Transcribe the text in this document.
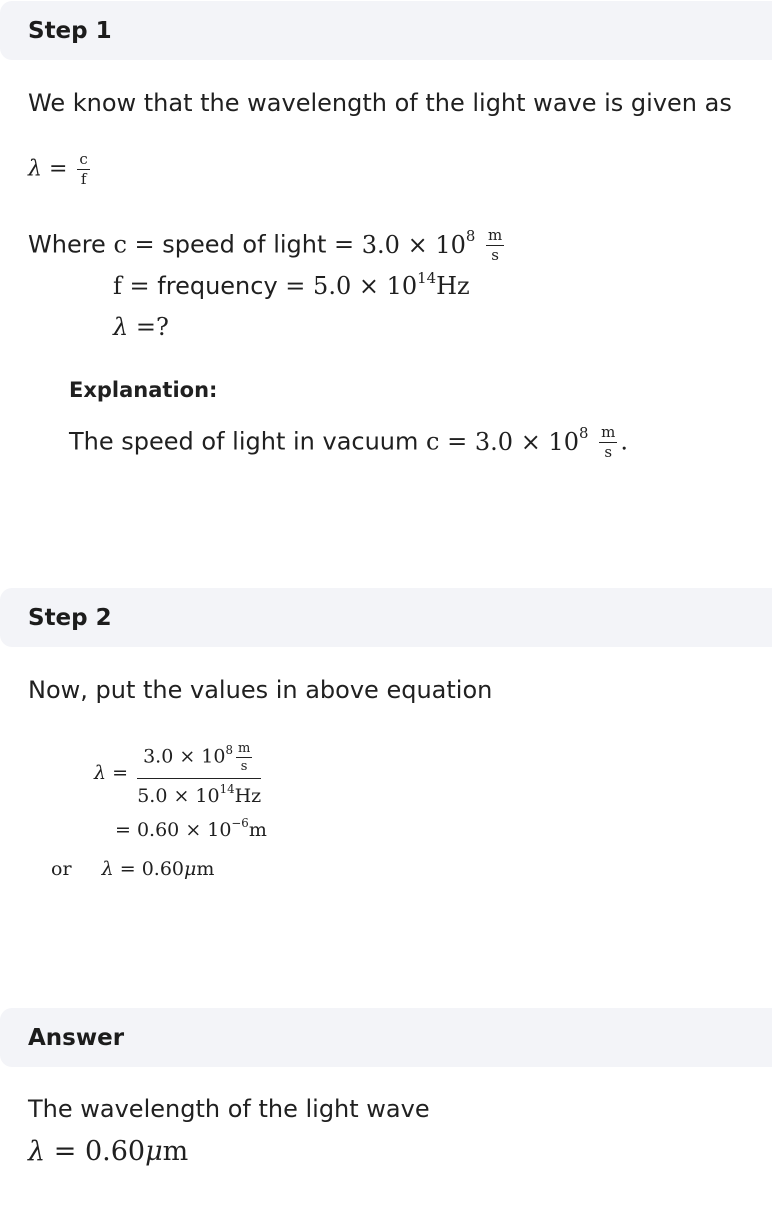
Step 1
We know that the wavelength of the light wave is given as
$\lambda = \frac{c}{f}$
Where c = speed of light = $3.0 \times 10^8 \frac{m}{s}$
f = frequency = $5.0 \times 10^{14}Hz$
λ =?
Explanation:
The speed of light in vacuum $c = 3.0 \times 10^8 \frac{m}{s}$ .
Step 2
Now, put the values in above equation
$\lambda = \frac{3.0 \times 10^8 \frac{m}{s}}{5.0 \times 10^{14}Hz}$
= $0.60 \times 10^{-6}m$
or λ = 0.60μm
Answer
The wavelength of the light wave
λ = 0.60μm
